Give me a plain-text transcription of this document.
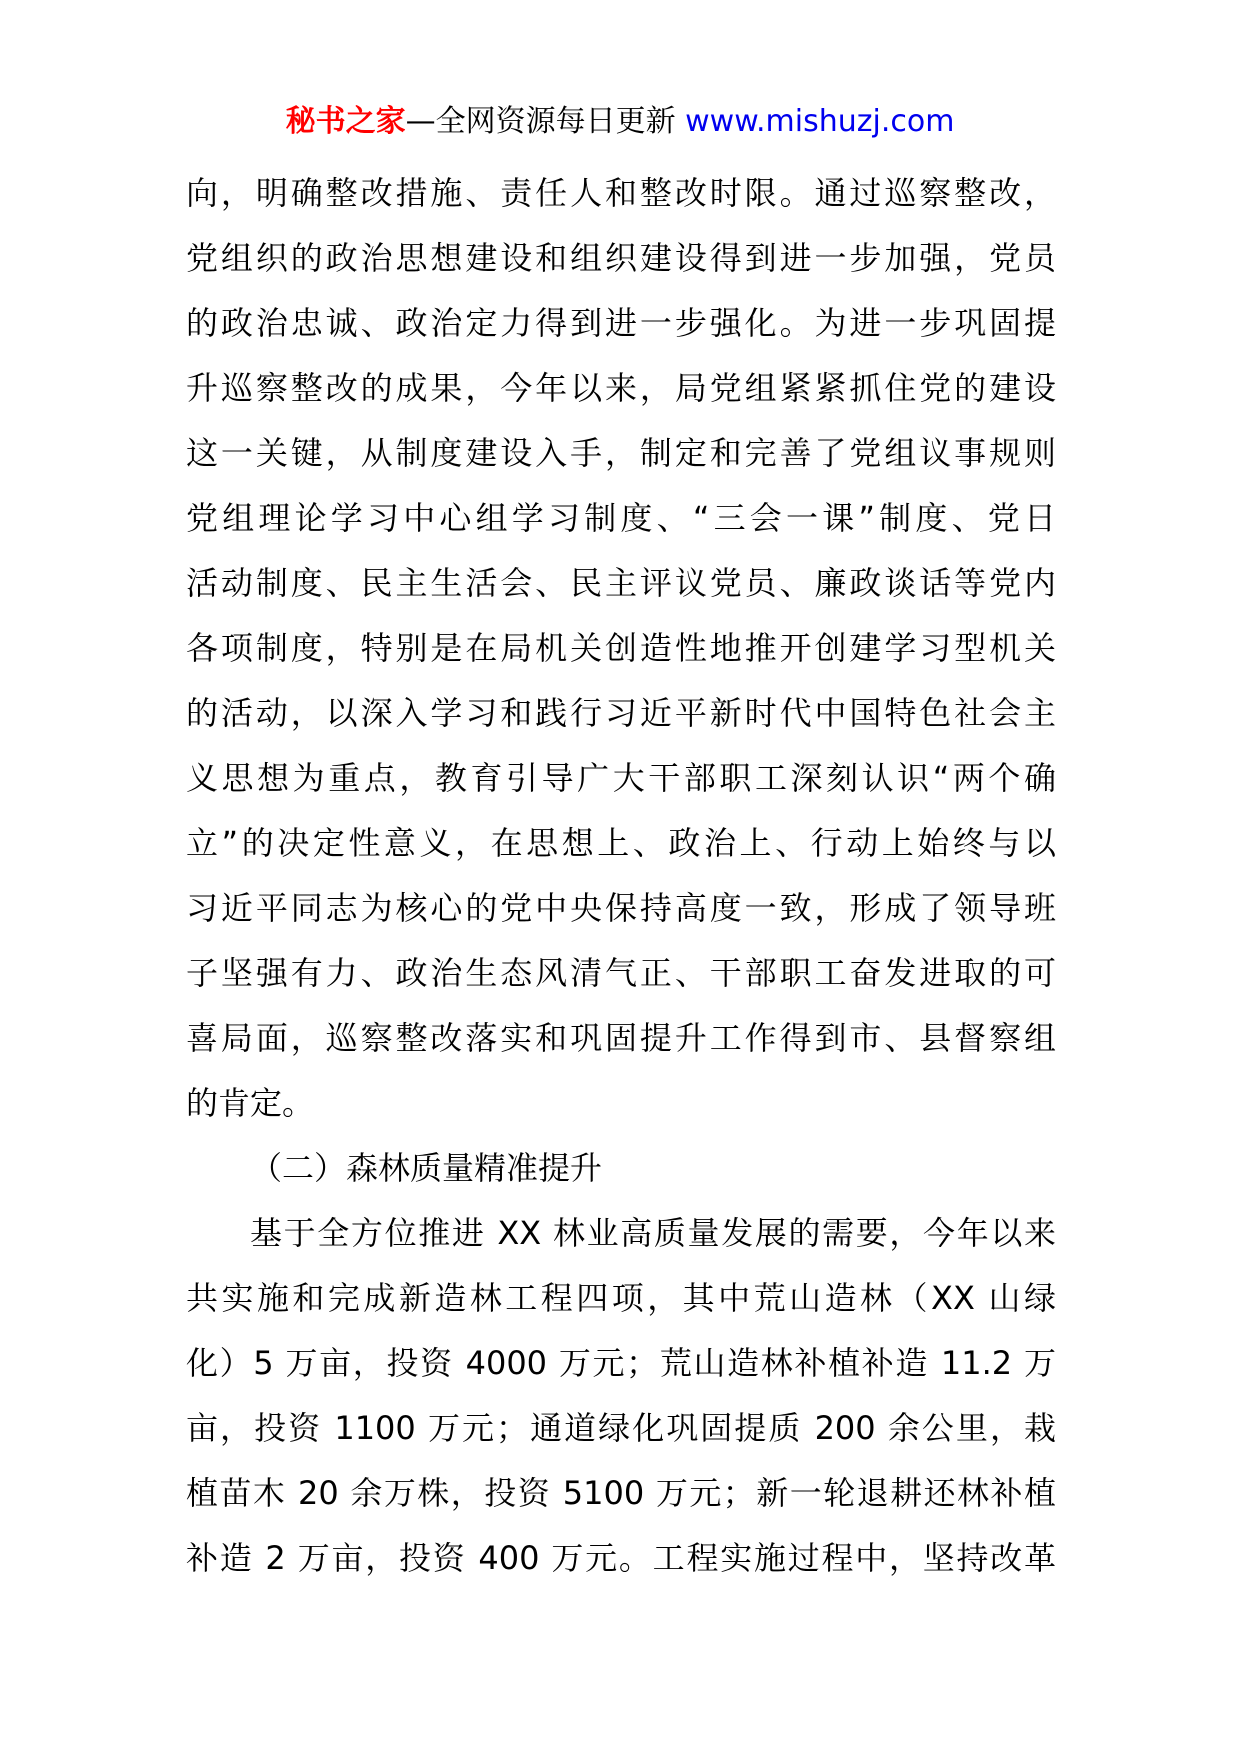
秘书之家—全网资源每日更新 www.mishuzj.com
向，明确整改措施、责任人和整改时限。通过巡察整改，
党组织的政治思想建设和组织建设得到进一步加强，党员
的政治忠诚、政治定力得到进一步强化。为进一步巩固提
升巡察整改的成果，今年以来，局党组紧紧抓住党的建设
这一关键，从制度建设入手，制定和完善了党组议事规则
党组理论学习中心组学习制度、“三会一课”制度、党日
活动制度、民主生活会、民主评议党员、廉政谈话等党内
各项制度，特别是在局机关创造性地推开创建学习型机关
的活动，以深入学习和践行习近平新时代中国特色社会主
义思想为重点，教育引导广大干部职工深刻认识“两个确
立”的决定性意义，在思想上、政治上、行动上始终与以
习近平同志为核心的党中央保持高度一致，形成了领导班
子坚强有力、政治生态风清气正、干部职工奋发进取的可
喜局面，巡察整改落实和巩固提升工作得到市、县督察组
的肯定。
（二）森林质量精准提升
基于全方位推进 XX 林业高质量发展的需要，今年以来
共实施和完成新造林工程四项，其中荒山造林（XX 山绿
化）5 万亩，投资 4000 万元；荒山造林补植补造 11.2 万
亩，投资 1100 万元；通道绿化巩固提质 200 余公里，栽
植苗木 20 余万株，投资 5100 万元；新一轮退耕还林补植
补造 2 万亩，投资 400 万元。工程实施过程中，坚持改革
